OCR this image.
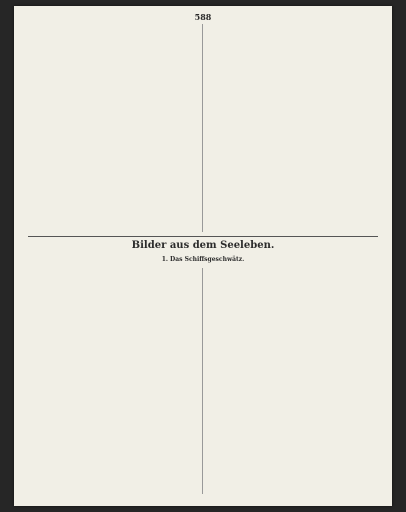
588
Bilder aus dem Seeleben.
1. Das Schiffsgeschwätz.
